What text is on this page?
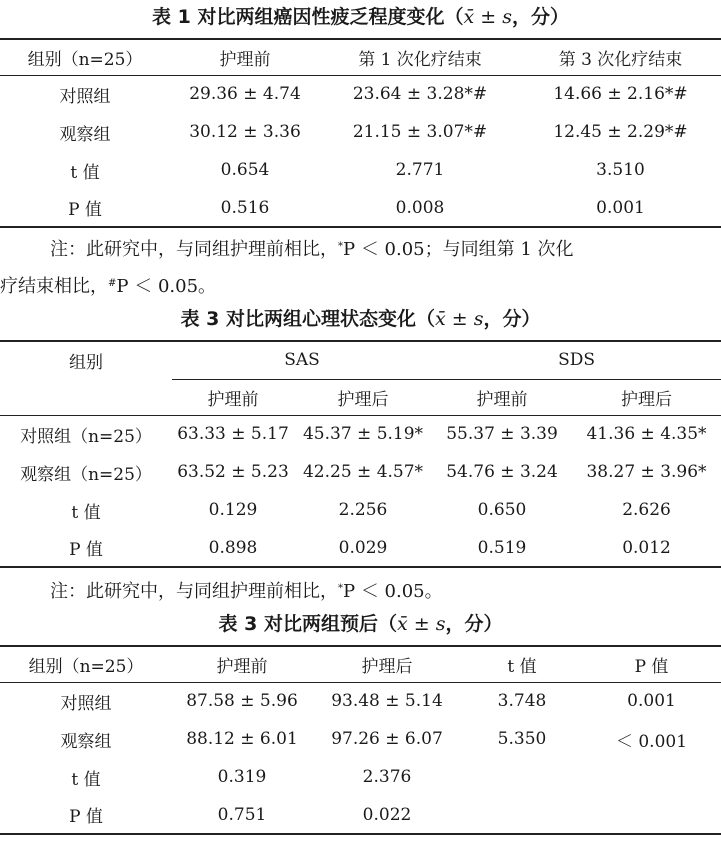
表 1 对比两组癌因性疲乏程度变化（x̄ ± s，分）
组别（n=25）	护理前	第 1 次化疗结束	第 3 次化疗结束
对照组	29.36 ± 4.74	23.64 ± 3.28*#	14.66 ± 2.16*#
观察组	30.12 ± 3.36	21.15 ± 3.07*#	12.45 ± 2.29*#
t 值	0.654	2.771	3.510
P 值	0.516	0.008	0.001

注：此研究中，与同组护理前相比，*P ＜ 0.05；与同组第 1 次化

疗结束相比，#P ＜ 0.05。

表 3 对比两组心理状态变化（x̄ ± s，分）
组别	SAS		SDS	
	护理前	护理后	护理前	护理后
对照组（n=25）	63.33 ± 5.17	45.37 ± 5.19*	55.37 ± 3.39	41.36 ± 4.35*
观察组（n=25）	63.52 ± 5.23	42.25 ± 4.57*	54.76 ± 3.24	38.27 ± 3.96*
t 值	0.129	2.256	0.650	2.626
P 值	0.898	0.029	0.519	0.012

注：此研究中，与同组护理前相比，*P ＜ 0.05。

表 3 对比两组预后（x̄ ± s，分）
组别（n=25）	护理前	护理后	t 值	P 值
对照组	87.58 ± 5.96	93.48 ± 5.14	3.748	0.001
观察组	88.12 ± 6.01	97.26 ± 6.07	5.350	＜ 0.001
t 值	0.319	2.376		
P 值	0.751	0.022		
